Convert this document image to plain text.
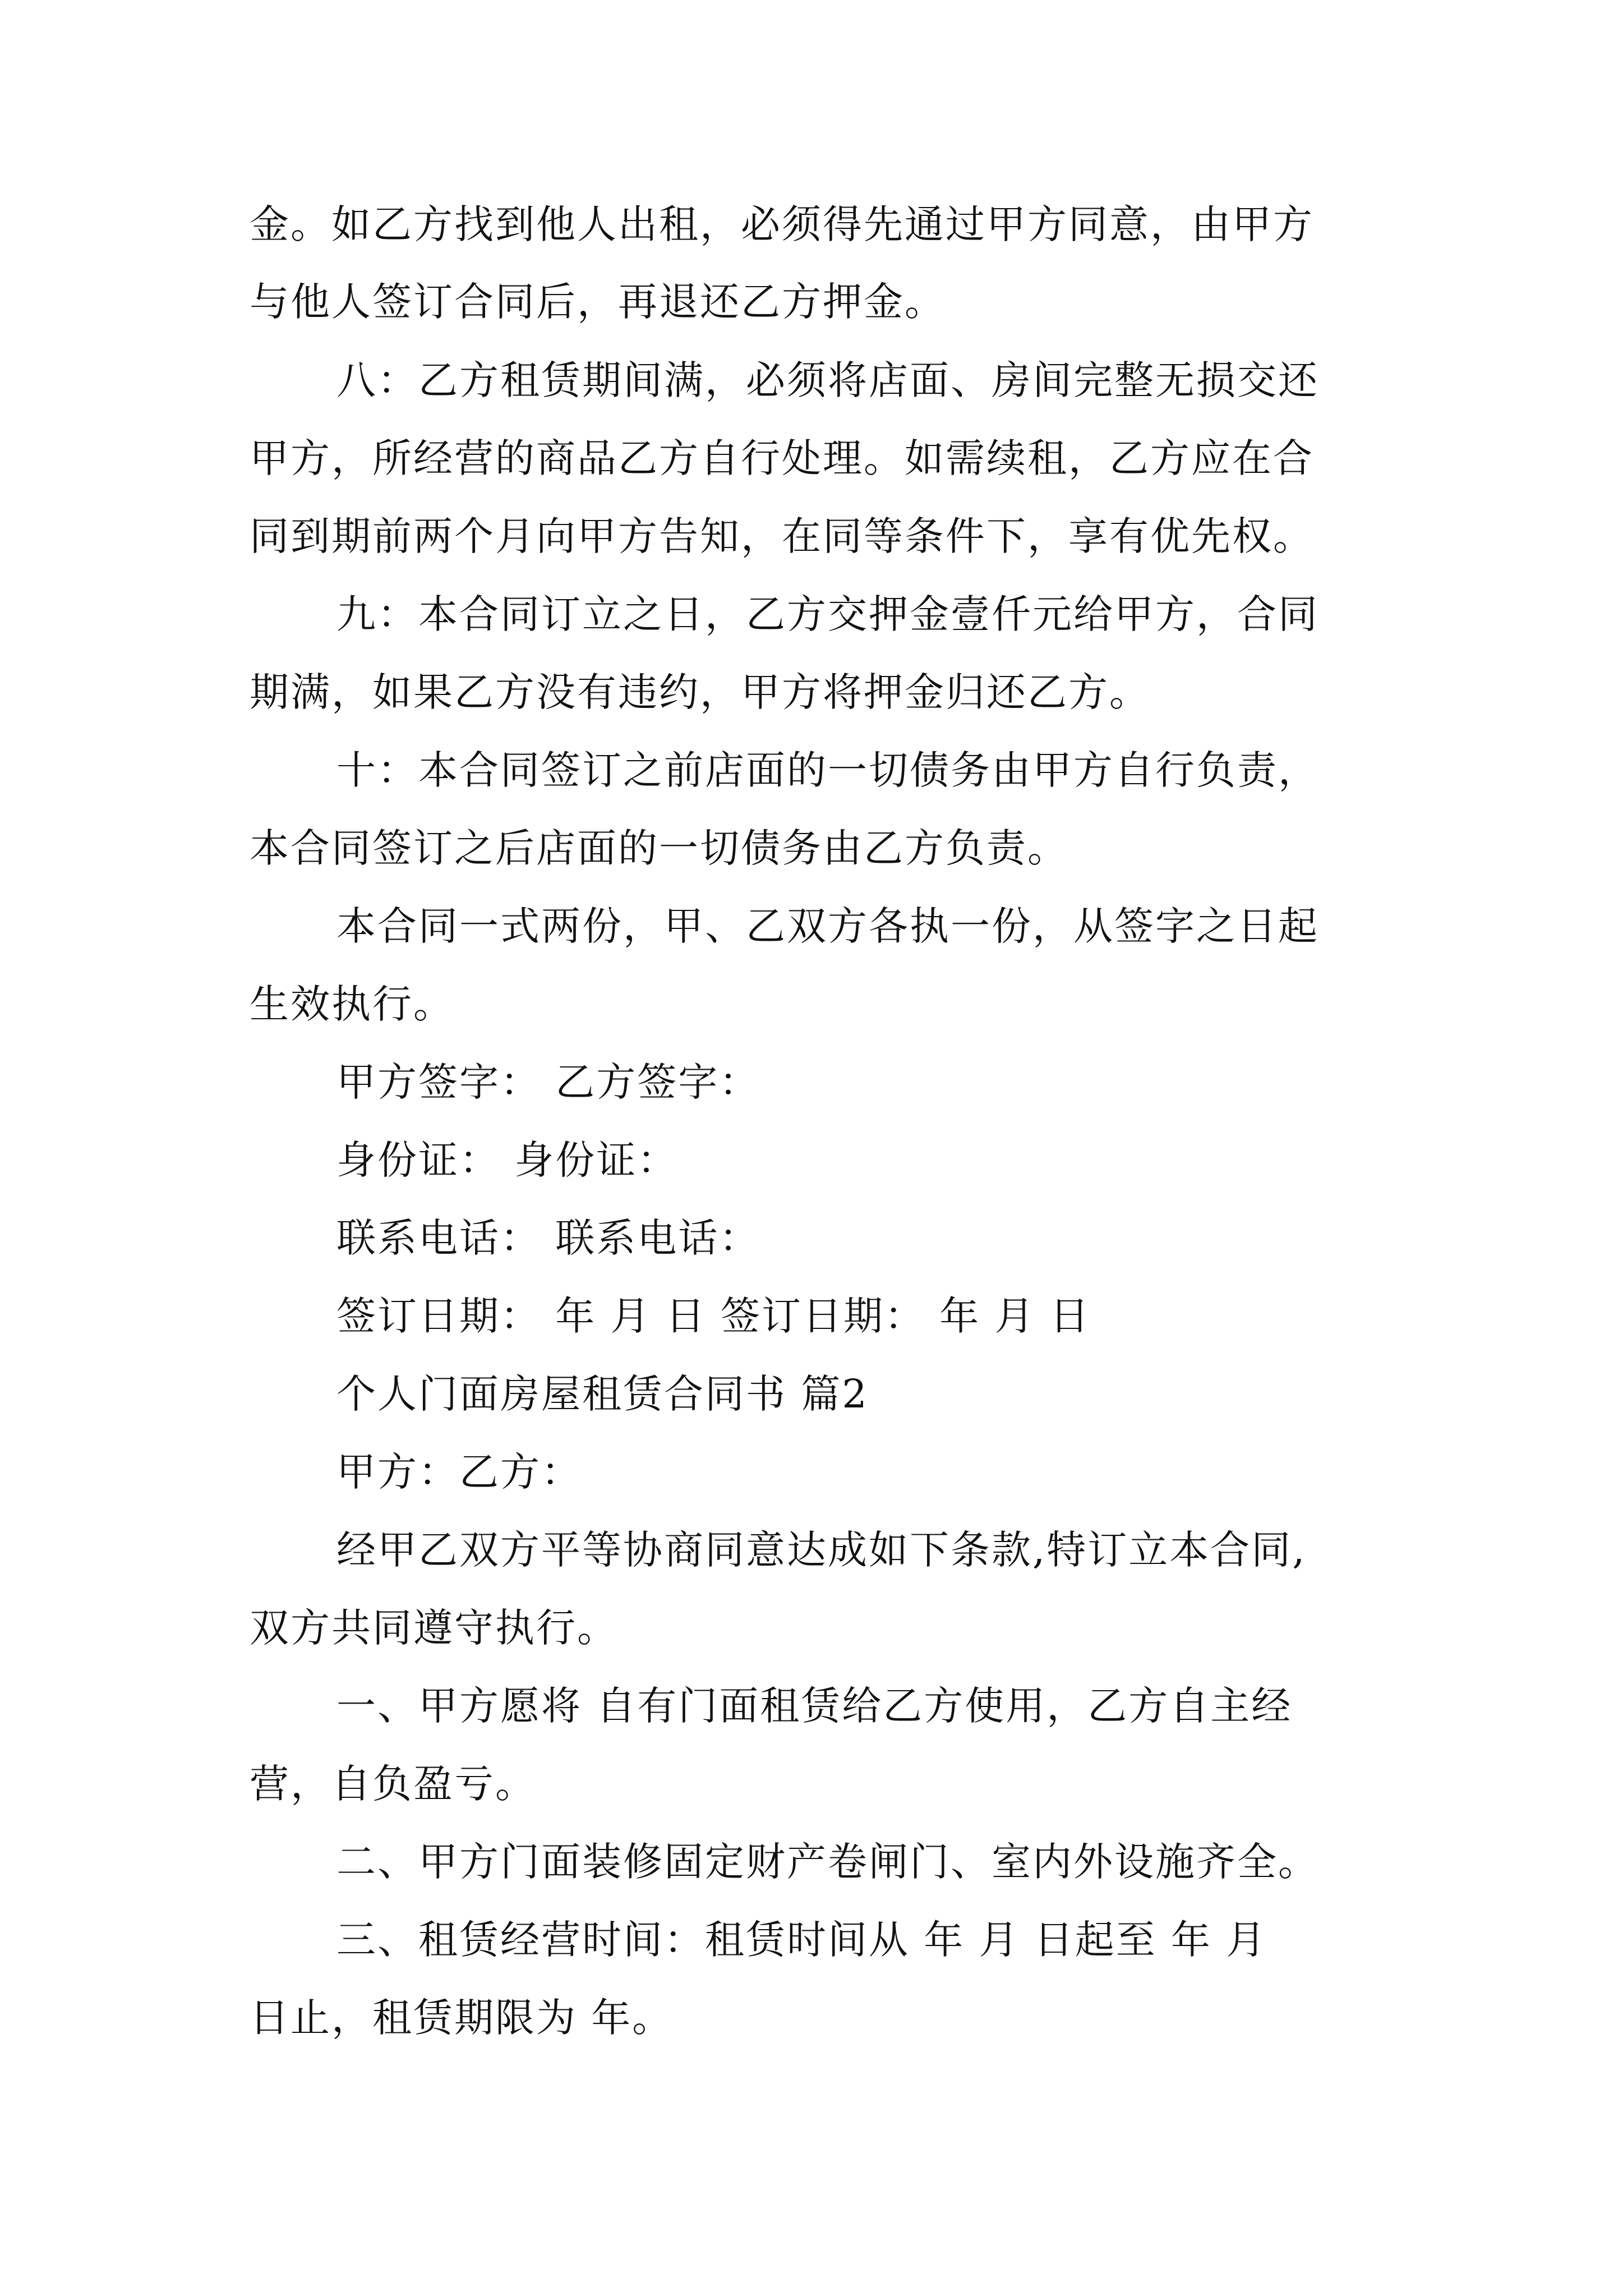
金。如乙方找到他人出租，必须得先通过甲方同意，由甲方
与他人签订合同后，再退还乙方押金。
八：乙方租赁期间满，必须将店面、房间完整无损交还
甲方，所经营的商品乙方自行处理。如需续租，乙方应在合
同到期前两个月向甲方告知，在同等条件下，享有优先权。
九：本合同订立之日，乙方交押金壹仟元给甲方，合同
期满，如果乙方没有违约，甲方将押金归还乙方。
十：本合同签订之前店面的一切债务由甲方自行负责，
本合同签订之后店面的一切债务由乙方负责。
本合同一式两份，甲、乙双方各执一份，从签字之日起
生效执行。
甲方签字： 乙方签字：
身份证： 身份证：
联系电话： 联系电话：
签订日期： 年 月 日 签订日期： 年 月 日
个人门面房屋租赁合同书 篇2
甲方：乙方：
经甲乙双方平等协商同意达成如下条款,特订立本合同,
双方共同遵守执行。
一、甲方愿将 自有门面租赁给乙方使用，乙方自主经
营，自负盈亏。
二、甲方门面装修固定财产卷闸门、室内外设施齐全。
三、租赁经营时间：租赁时间从 年 月 日起至 年 月
日止，租赁期限为 年。
